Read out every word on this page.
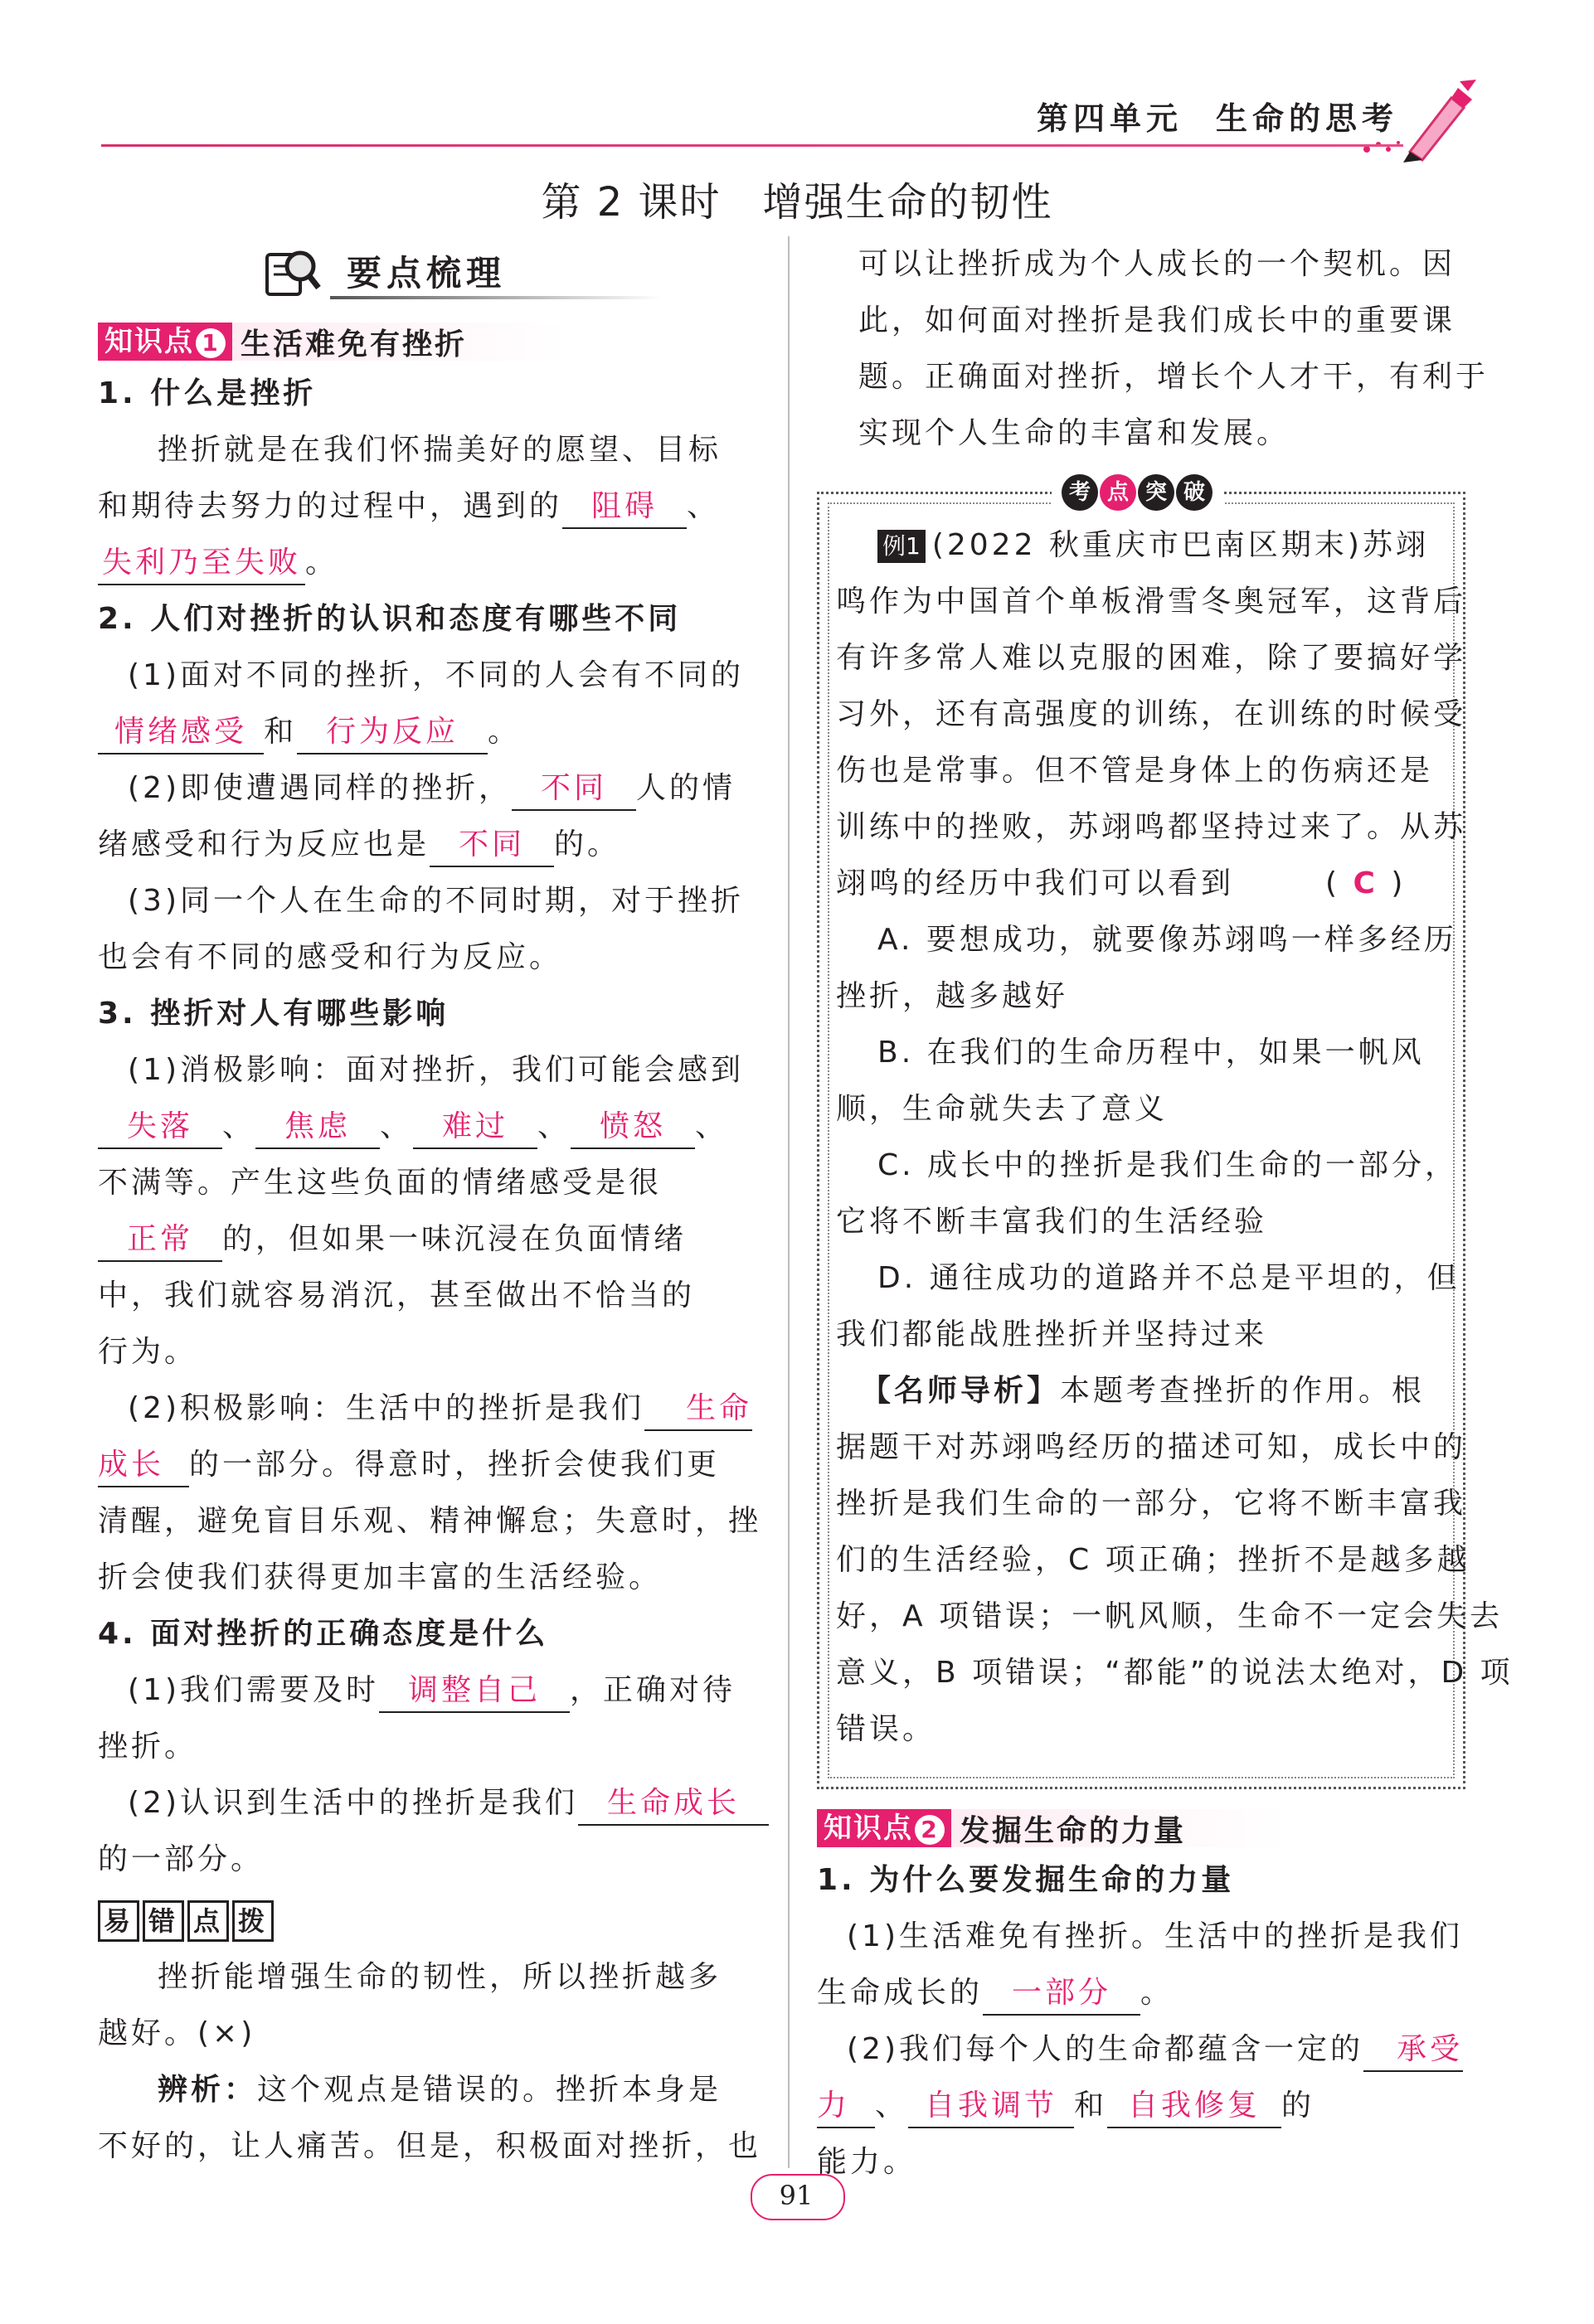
第四单元 生命的思考
第 2 课时　增强生命的韧性
要点梳理
知识点 1 生活难免有挫折
1. 什么是挫折
挫折就是在我们怀揣美好的愿望、目标
和期待去努力的过程中，遇到的 阻碍 、
失利乃至失败 。
2. 人们对挫折的认识和态度有哪些不同
(1)面对不同的挫折，不同的人会有不同的
情绪感受 和 行为反应 。
(2)即使遭遇同样的挫折， 不同 人的情
绪感受和行为反应也是 不同 的。
(3)同一个人在生命的不同时期，对于挫折
也会有不同的感受和行为反应。
3. 挫折对人有哪些影响
(1)消极影响：面对挫折，我们可能会感到
失落 、 焦虑 、 难过 、 愤怒 、
不满等。产生这些负面的情绪感受是很
正常 的，但如果一味沉浸在负面情绪
中，我们就容易消沉，甚至做出不恰当的
行为。
(2)积极影响：生活中的挫折是我们 生命
成长 的一部分。得意时，挫折会使我们更
清醒，避免盲目乐观、精神懈怠；失意时，挫
折会使我们获得更加丰富的生活经验。
4. 面对挫折的正确态度是什么
(1)我们需要及时 调整自己 ，正确对待
挫折。
(2)认识到生活中的挫折是我们 生命成长
的一部分。
易 错 点 拨
挫折能增强生命的韧性，所以挫折越多
越好。(×)
辨析：这个观点是错误的。挫折本身是
不好的，让人痛苦。但是，积极面对挫折，也
可以让挫折成为个人成长的一个契机。因
此，如何面对挫折是我们成长中的重要课
题。正确面对挫折，增长个人才干，有利于
实现个人生命的丰富和发展。
考 点 突 破
例1 (2022 秋重庆市巴南区期末)苏翊
鸣作为中国首个单板滑雪冬奥冠军，这背后
有许多常人难以克服的困难，除了要搞好学
习外，还有高强度的训练，在训练的时候受
伤也是常事。但不管是身体上的伤病还是
训练中的挫败，苏翊鸣都坚持过来了。从苏
翊鸣的经历中我们可以看到	( C )
A. 要想成功，就要像苏翊鸣一样多经历
挫折，越多越好
B. 在我们的生命历程中，如果一帆风
顺，生命就失去了意义
C. 成长中的挫折是我们生命的一部分，
它将不断丰富我们的生活经验
D. 通往成功的道路并不总是平坦的，但
我们都能战胜挫折并坚持过来
【名师导析】本题考查挫折的作用。根
据题干对苏翊鸣经历的描述可知，成长中的
挫折是我们生命的一部分，它将不断丰富我
们的生活经验，C 项正确；挫折不是越多越
好，A 项错误；一帆风顺，生命不一定会失去
意义，B 项错误；“都能”的说法太绝对，D 项
错误。
知识点 2 发掘生命的力量
1. 为什么要发掘生命的力量
(1)生活难免有挫折。生活中的挫折是我们
生命成长的 一部分 。
(2)我们每个人的生命都蕴含一定的 承受
力 、 自我调节 和 自我修复 的
能力。
91
